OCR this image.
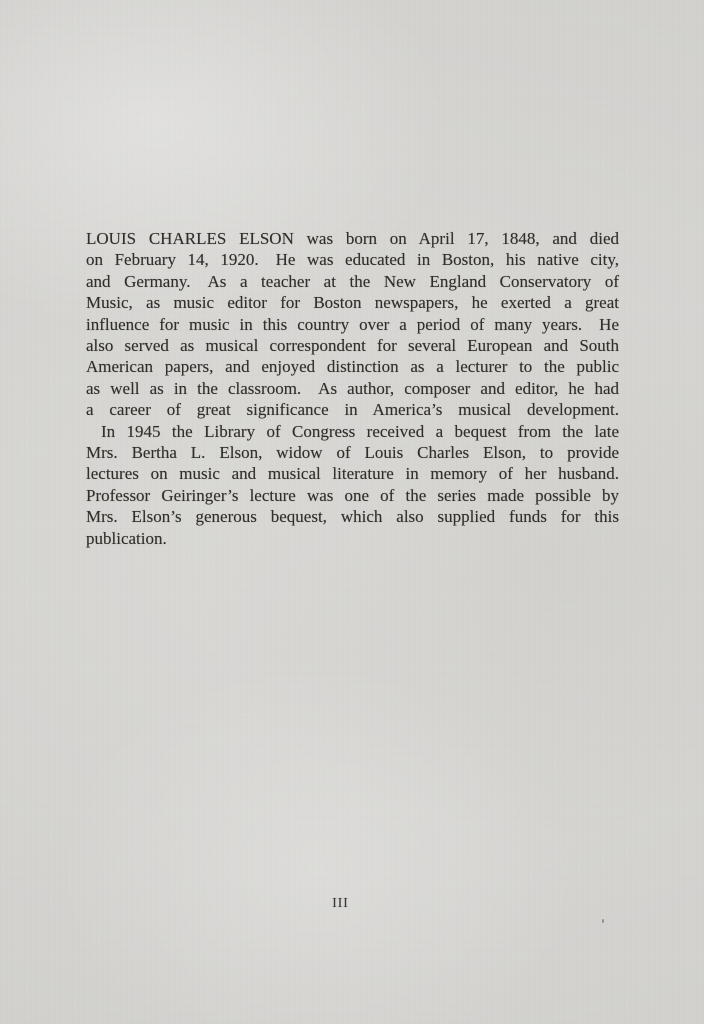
LOUIS CHARLES ELSON was born on April 17, 1848, and died
on February 14, 1920. He was educated in Boston, his native city,
and Germany. As a teacher at the New England Conservatory of
Music, as music editor for Boston newspapers, he exerted a great
influence for music in this country over a period of many years. He
also served as musical correspondent for several European and South
American papers, and enjoyed distinction as a lecturer to the public
as well as in the classroom. As author, composer and editor, he had
a career of great significance in America’s musical development.
In 1945 the Library of Congress received a bequest from the late
Mrs. Bertha L. Elson, widow of Louis Charles Elson, to provide
lectures on music and musical literature in memory of her husband.
Professor Geiringer’s lecture was one of the series made possible by
Mrs. Elson’s generous bequest, which also supplied funds for this
publication.
III
